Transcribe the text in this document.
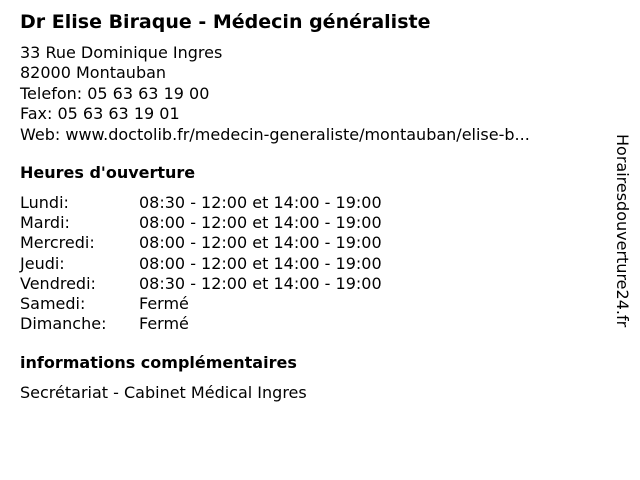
Dr Elise Biraque - Médecin généraliste
33 Rue Dominique Ingres
82000 Montauban
Telefon: 05 63 63 19 00
Fax: 05 63 63 19 01
Web: www.doctolib.fr/medecin-generaliste/montauban/elise-b...
Heures d'ouverture
Lundi:	08:30 - 12:00 et 14:00 - 19:00
Mardi:	08:00 - 12:00 et 14:00 - 19:00
Mercredi:	08:00 - 12:00 et 14:00 - 19:00
Jeudi:	08:00 - 12:00 et 14:00 - 19:00
Vendredi:	08:30 - 12:00 et 14:00 - 19:00
Samedi:	Fermé
Dimanche: Fermé
informations complémentaires
Secrétariat - Cabinet Médical Ingres
Horairesdouverture24.fr
